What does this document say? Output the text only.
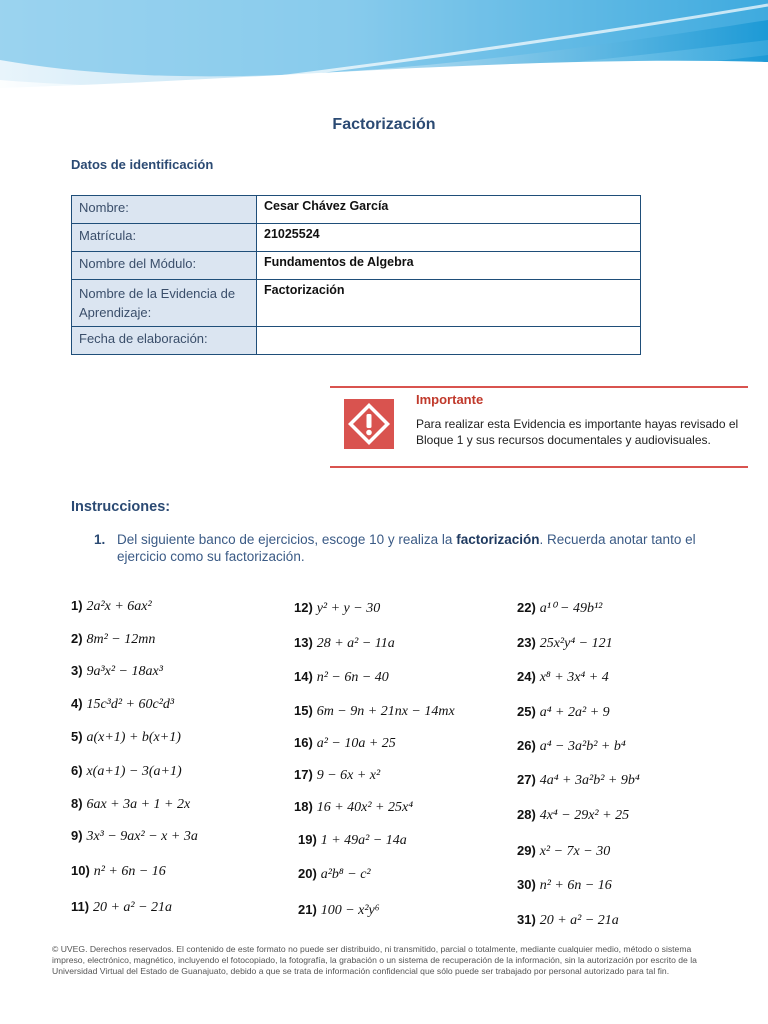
Factorización
Datos de identificación
Nombre:	Cesar Chávez García
Matrícula:	21025524
Nombre del Módulo:	Fundamentos de Algebra
Nombre de la Evidencia de Aprendizaje:	Factorización
Fecha de elaboración:	
Importante
Para realizar esta Evidencia es importante hayas revisado el Bloque 1 y sus recursos documentales y audiovisuales.
Instrucciones:
1. Del siguiente banco de ejercicios, escoge 10 y realiza la factorización. Recuerda anotar tanto el ejercicio como su factorización.
1) 2a²x + 6ax²
2) 8m² − 12mn
3) 9a³x² − 18ax³
4) 15c³d² + 60c²d³
5) a(x+1) + b(x+1)
6) x(a+1) − 3(a+1)
8) 6ax + 3a + 1 + 2x
9) 3x³ − 9ax² − x + 3a
10) n² + 6n − 16
11) 20 + a² − 21a
12) y² + y − 30
13) 28 + a² − 11a
14) n² − 6n − 40
15) 6m − 9n + 21nx − 14mx
16) a² − 10a + 25
17) 9 − 6x + x²
18) 16 + 40x² + 25x⁴
19) 1 + 49a² − 14a
20) a²b⁸ − c²
21) 100 − x²y⁶
22) a¹⁰ − 49b¹²
23) 25x²y⁴ − 121
24) x⁸ + 3x⁴ + 4
25) a⁴ + 2a² + 9
26) a⁴ − 3a²b² + b⁴
27) 4a⁴ + 3a²b² + 9b⁴
28) 4x⁴ − 29x² + 25
29) x² − 7x − 30
30) n² + 6n − 16
31) 20 + a² − 21a
© UVEG. Derechos reservados. El contenido de este formato no puede ser distribuido, ni transmitido, parcial o totalmente, mediante cualquier medio, método o sistema impreso, electrónico, magnético, incluyendo el fotocopiado, la fotografía, la grabación o un sistema de recuperación de la información, sin la autorización por escrito de la Universidad Virtual del Estado de Guanajuato, debido a que se trata de información confidencial que sólo puede ser trabajado por personal autorizado para tal fin.
